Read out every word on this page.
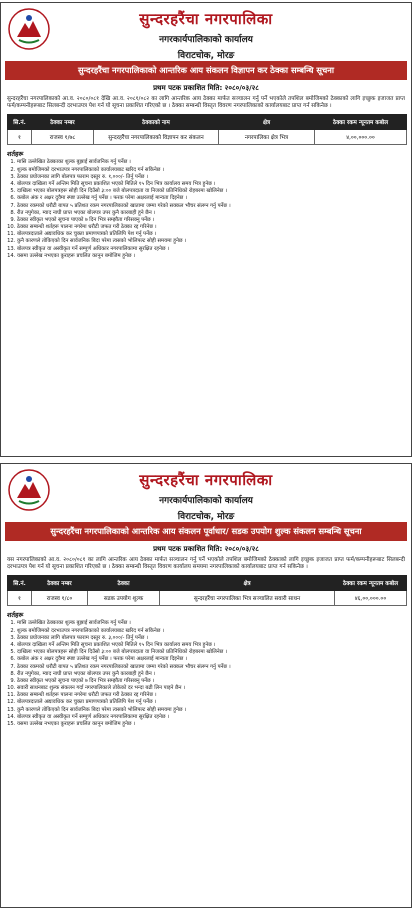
सुन्दरहरैंचा नगरपालिका
नगरकार्यपालिकाको कार्यालय
विराटचोक, मोरङ
सुन्दरहरैंचा नगरपालिकाको आन्तरिक आय संकलन विज्ञापन कर ठेक्का सम्बन्धि सूचना
प्रथम पटक प्रकाशित मिति: २०८०/०३/२८

सुन्दरहरैंचा नगरपालिकाको आ.व. २०८०/०८१ देखि आ.व. २०८१/०८२ का लागि आन्तरिक आय ठेक्का मार्फत सञ्चालन गर्नु पर्ने भएकोले तपशिल बमोजिमको ठेक्काको लागि इच्छुक इजाजत प्राप्त फर्म/कम्पनीहरूबाट सिलबन्दी दरभाउपत्र पेश गर्न यो सूचना प्रकाशित गरिएको छ । ठेक्का सम्बन्धी विस्तृत विवरण नगरपालिकाको कार्यालयबाट प्राप्त गर्न सकिनेछ ।

सि.नं.	ठेक्का नम्बर	ठेक्काको नाम	क्षेत्र	ठेक्का रकम न्यूनतम कबोल
१	राजस्व १/७८	सुन्दरहरैंचा नगरपालिकाको विज्ञापन कर संकलन	नगरपालिका क्षेत्र भित्र	४,००,०००.००
शर्तहरू
1. मासि उल्लेखित ठेक्काका शुल्क बुझाई सार्वजनिक गर्नु पर्नेछ ।
2. शुल्क बमोजिमको दरभाउपत्र नगरपालिकाको कार्यालयबाट खरिद गर्न सकिनेछ ।
3. ठेक्का प्रयोजनका लागि बोलपत्र फाराम दस्तुर रु. १,०००/- तिर्नु पर्नेछ ।
4. बोलपत्र दाखिला गर्ने अन्तिम मिति सूचना प्रकाशित भएको मितिले १५ दिन भित्र कार्यालय समय भित्र हुनेछ ।
5. दाखिला भएका बोलपत्रहरू सोही दिन दिउँसो ३:०० बजे बोलपत्रदाता वा निजको प्रतिनिधिको रोहबरमा खोलिनेछ ।
6. कबोल अंक र अक्षर दुवैमा स्पष्ट उल्लेख गर्नु पर्नेछ । फरक परेमा अक्षरलाई मान्यता दिइनेछ ।
7. ठेक्का रकमको धरौटी बापत ५ प्रतिशत रकम नगरपालिकाको खातामा जम्मा गरेको सक्कल भौचर संलग्न गर्नु पर्नेछ ।
8. रीत नपुगेका, म्याद नाघी प्राप्त भएका बोलपत्र उपर कुनै कारबाही हुने छैन ।
9. ठेक्का स्वीकृत भएको सूचना पाएको ७ दिन भित्र सम्झौता गरिसक्नु पर्नेछ ।
10. ठेक्का सम्बन्धी शर्तहरू पालना नगरेमा धरौटी जफत गरी ठेक्का रद्द गरिनेछ ।
11. बोलपत्रदाताले अद्यावधिक कर चुक्ता प्रमाणपत्रको प्रतिलिपि पेश गर्नु पर्नेछ ।
12. कुनै कारणले तोकिएको दिन सार्वजनिक बिदा परेमा त्यसको भोलिपल्ट सोही समयमा हुनेछ ।
13. बोलपत्र स्वीकृत वा अस्वीकृत गर्ने सम्पूर्ण अधिकार नगरपालिकामा सुरक्षित रहनेछ ।
14. यसमा उल्लेख नभएका कुराहरू प्रचलित कानून बमोजिम हुनेछ ।
सुन्दरहरैंचा नगरपालिका
नगरकार्यपालिकाको कार्यालय
विराटचोक, मोरङ
सुन्दरहरैंचा नगरपालिकाको आन्तरिक आय संकलन पूर्वाधार/ सडक उपयोग शुल्क संकलन सम्बन्धि सूचना
प्रथम पटक प्रकाशित मिति: २०८०/०३/२८

यस नगरपालिकाको आ.व. २०८०/०८१ का लागि आन्तरिक आय ठेक्का मार्फत सञ्चालन गर्नु पर्ने भएकोले तपशिल बमोजिमको ठेक्काको लागि इच्छुक इजाजत प्राप्त फर्म/कम्पनीहरूबाट सिलबन्दी दरभाउपत्र पेश गर्न यो सूचना प्रकाशित गरिएको छ । ठेक्का सम्बन्धी विस्तृत विवरण कार्यालय समयमा नगरपालिकाको कार्यालयबाट प्राप्त गर्न सकिनेछ ।

सि.नं.	ठेक्का नम्बर	ठेक्का	क्षेत्र	ठेक्का रकम न्यूनतम कबोल
१	राजस्व १/८०	सडक उपयोग शुल्क	सुन्दरहरैंचा नगरपालिका भित्र सञ्चालित सवारी साधन	४६,००,०००.००
शर्तहरू
1. मासि उल्लेखित ठेक्काका शुल्क बुझाई सार्वजनिक गर्नु पर्नेछ ।
2. शुल्क बमोजिमको दरभाउपत्र नगरपालिकाको कार्यालयबाट खरिद गर्न सकिनेछ ।
3. ठेक्का प्रयोजनका लागि बोलपत्र फाराम दस्तुर रु. ३,०००/- तिर्नु पर्नेछ ।
4. बोलपत्र दाखिला गर्ने अन्तिम मिति सूचना प्रकाशित भएको मितिले १५ दिन भित्र कार्यालय समय भित्र हुनेछ ।
5. दाखिला भएका बोलपत्रहरू सोही दिन दिउँसो ३:०० बजे बोलपत्रदाता वा निजको प्रतिनिधिको रोहबरमा खोलिनेछ ।
6. कबोल अंक र अक्षर दुवैमा स्पष्ट उल्लेख गर्नु पर्नेछ । फरक परेमा अक्षरलाई मान्यता दिइनेछ ।
7. ठेक्का रकमको धरौटी बापत ५ प्रतिशत रकम नगरपालिकाको खातामा जम्मा गरेको सक्कल भौचर संलग्न गर्नु पर्नेछ ।
8. रीत नपुगेका, म्याद नाघी प्राप्त भएका बोलपत्र उपर कुनै कारबाही हुने छैन ।
9. ठेक्का स्वीकृत भएको सूचना पाएको ७ दिन भित्र सम्झौता गरिसक्नु पर्नेछ ।
10. सवारी साधनबाट शुल्क संकलन गर्दा नगरपालिकाले तोकेको दर भन्दा बढी लिन पाइने छैन ।
11. ठेक्का सम्बन्धी शर्तहरू पालना नगरेमा धरौटी जफत गरी ठेक्का रद्द गरिनेछ ।
12. बोलपत्रदाताले अद्यावधिक कर चुक्ता प्रमाणपत्रको प्रतिलिपि पेश गर्नु पर्नेछ ।
13. कुनै कारणले तोकिएको दिन सार्वजनिक बिदा परेमा त्यसको भोलिपल्ट सोही समयमा हुनेछ ।
14. बोलपत्र स्वीकृत वा अस्वीकृत गर्ने सम्पूर्ण अधिकार नगरपालिकामा सुरक्षित रहनेछ ।
15. यसमा उल्लेख नभएका कुराहरू प्रचलित कानून बमोजिम हुनेछ ।
